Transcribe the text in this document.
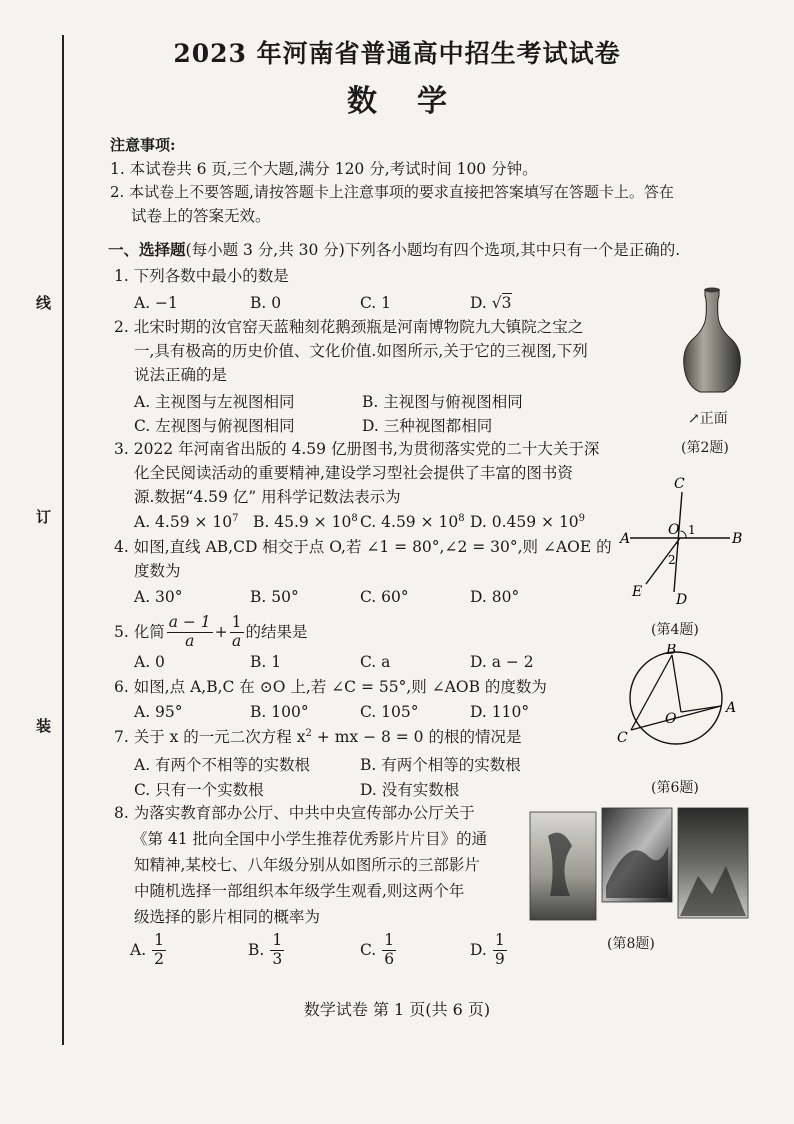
线
订
装
2023 年河南省普通高中招生考试试卷
数学
注意事项:
1. 本试卷共 6 页,三个大题,满分 120 分,考试时间 100 分钟。
2. 本试卷上不要答题,请按答题卡上注意事项的要求直接把答案填写在答题卡上。答在
试卷上的答案无效。
一、选择题(每小题 3 分,共 30 分)下列各小题均有四个选项,其中只有一个是正确的.
1. 下列各数中最小的数是
A. −1	B. 0	C. 1	D. √3
2. 北宋时期的汝官窑天蓝釉刻花鹅颈瓶是河南博物院九大镇院之宝之
一,具有极高的历史价值、文化价值.如图所示,关于它的三视图,下列
说法正确的是
A. 主视图与左视图相同	B. 主视图与俯视图相同
C. 左视图与俯视图相同	D. 三种视图都相同	↗正面
(第2题)
3. 2022 年河南省出版的 4.59 亿册图书,为贯彻落实党的二十大关于深
化全民阅读活动的重要精神,建设学习型社会提供了丰富的图书资
源.数据“4.59 亿” 用科学记数法表示为
A. $4.59 \times 10^7$ B. $45.9 \times 10^8$ C. $4.59 \times 10^8$ D. $0.459 \times 10^9$
4. 如图,直线 AB,CD 相交于点 O,若 ∠1 = 80°,∠2 = 30°,则 ∠AOE 的
度数为
A. 30°	B. 50°	C. 60°	D. 80°
C
A	B
O 1
2
E D
(第4题)
5. 化简 $\frac{a - 1}{a} + \frac{1}{a}$ 的结果是
A. 0	B. 1	C. a	D. a − 2
6. 如图,点 A,B,C 在 ⊙O 上,若 ∠C = 55°,则 ∠AOB 的度数为
A. 95°	B. 100°	C. 105°	D. 110°
B
A
C
O
(第6题)
7. 关于 x 的一元二次方程 $x^2$ + mx − 8 = 0 的根的情况是
A. 有两个不相等的实数根	B. 有两个相等的实数根
C. 只有一个实数根	D. 没有实数根
8. 为落实教育部办公厅、中共中央宣传部办公厅关于
《第 41 批向全国中小学生推荐优秀影片片目》的通
知精神,某校七、八年级分别从如图所示的三部影片
中随机选择一部组织本年级学生观看,则这两个年
级选择的影片相同的概率为
A. $\frac{1}{2}$	B. $\frac{1}{3}$	C. $\frac{1}{6}$	D. $\frac{1}{9}$	(第8题)
数学试卷 第 1 页(共 6 页)
